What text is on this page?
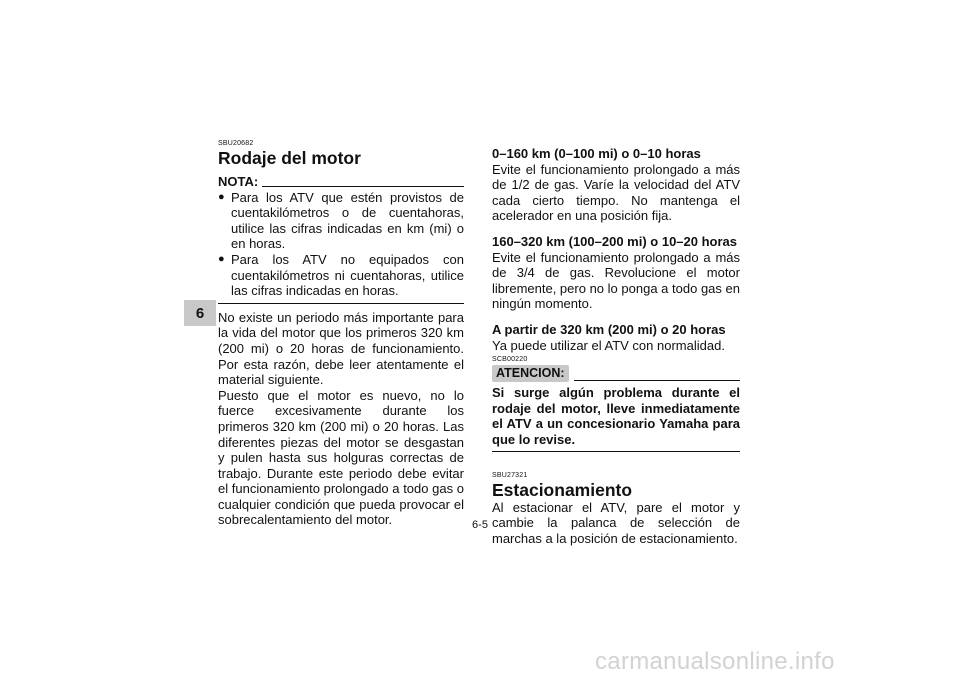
6
SBU20682
Rodaje del motor
NOTA:
● Para los ATV que estén provistos de cuentakilómetros o de cuentahoras, utilice las cifras indicadas en km (mi) o en horas.
● Para los ATV no equipados con cuentakilómetros ni cuentahoras, utilice las cifras indicadas en horas.

No existe un periodo más importante para la vida del motor que los primeros 320 km (200 mi) o 20 horas de funcionamiento. Por esta razón, debe leer atentamente el material siguiente.

Puesto que el motor es nuevo, no lo fuerce excesivamente durante los primeros 320 km (200 mi) o 20 horas. Las diferentes piezas del motor se desgastan y pulen hasta sus holguras correctas de trabajo. Durante este periodo debe evitar el funcionamiento prolongado a todo gas o cualquier condición que pueda provocar el sobrecalentamiento del motor.

0–160 km (0–100 mi) o 0–10 horas

Evite el funcionamiento prolongado a más de 1/2 de gas. Varíe la velocidad del ATV cada cierto tiempo. No mantenga el acelerador en una posición fija.

160–320 km (100–200 mi) o 10–20 horas

Evite el funcionamiento prolongado a más de 3/4 de gas. Revolucione el motor libremente, pero no lo ponga a todo gas en ningún momento.

A partir de 320 km (200 mi) o 20 horas

Ya puede utilizar el ATV con normalidad.

SCB00220
ATENCION:

Si surge algún problema durante el rodaje del motor, lleve inmediatamente el ATV a un concesionario Yamaha para que lo revise.

SBU27321
Estacionamiento

Al estacionar el ATV, pare el motor y cambie la palanca de selección de marchas a la posición de estacionamiento.

6-5
carmanualsonline.info
